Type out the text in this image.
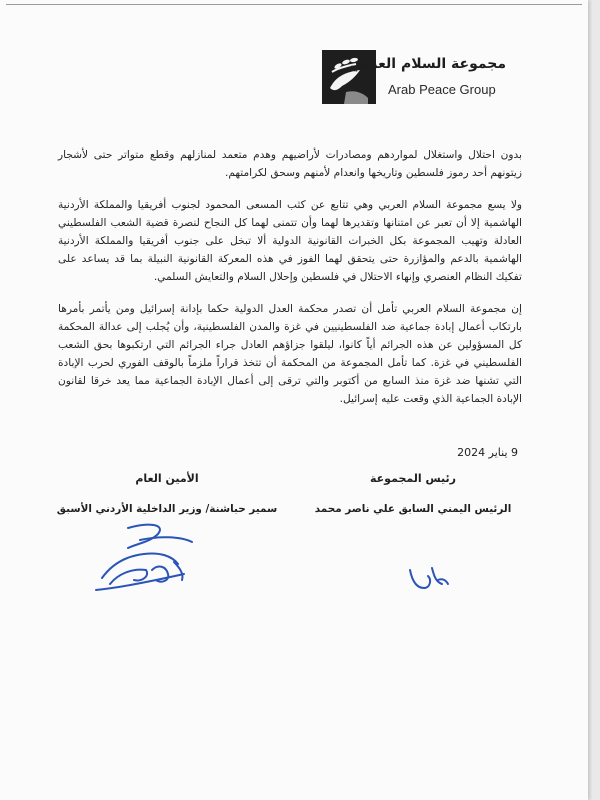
مجموعة السلام العربي
Arab Peace Group

بدون احتلال واستغلال لمواردهم ومصادرات لأراضيهم وهدم متعمد لمنازلهم وقطع متواتر حتى لأشجار زيتونهم أحد رموز فلسطين وتاريخها وانعدام لأمنهم وسحق لكرامتهم.

ولا يسع مجموعة السلام العربي وهي تتابع عن كثب المسعى المحمود لجنوب أفريقيا والمملكة الأردنية الهاشمية إلا أن تعبر عن امتنانها وتقديرها لهما وأن تتمنى لهما كل النجاح لنصرة قضية الشعب الفلسطيني العادلة وتهيب المجموعة بكل الخبرات القانونية الدولية ألا تبخل على جنوب أفريقيا والمملكة الأردنية الهاشمية بالدعم والمؤازرة حتى يتحقق لهما الفوز في هذه المعركة القانونية النبيلة بما قد يساعد على تفكيك النظام العنصري وإنهاء الاحتلال في فلسطين وإحلال السلام والتعايش السلمي.

إن مجموعة السلام العربي تأمل أن تصدر محكمة العدل الدولية حكما بإدانة إسرائيل ومن يأتمر بأمرها بارتكاب أعمال إبادة جماعية ضد الفلسطينيين في غزة والمدن الفلسطينية، وأن يُجلب إلى عدالة المحكمة كل المسؤولين عن هذه الجرائم أياً كانوا، ليلقوا جزاؤهم العادل جراء الجرائم التي ارتكبوها بحق الشعب الفلسطيني في غزة. كما تأمل المجموعة من المحكمة أن تتخذ قراراً ملزماً بالوقف الفوري لحرب الإبادة التي تشنها ضد غزة منذ السابع من أكتوبر والتي ترقى إلى أعمال الإبادة الجماعية مما يعد خرقا لقانون الإبادة الجماعية الذي وقعت عليه إسرائيل.

9 يناير 2024
رئيس المجموعة
الرئيس اليمني السابق علي ناصر محمد
الأمين العام
سمير حباشنة/ وزير الداخلية الأردني الأسبق
